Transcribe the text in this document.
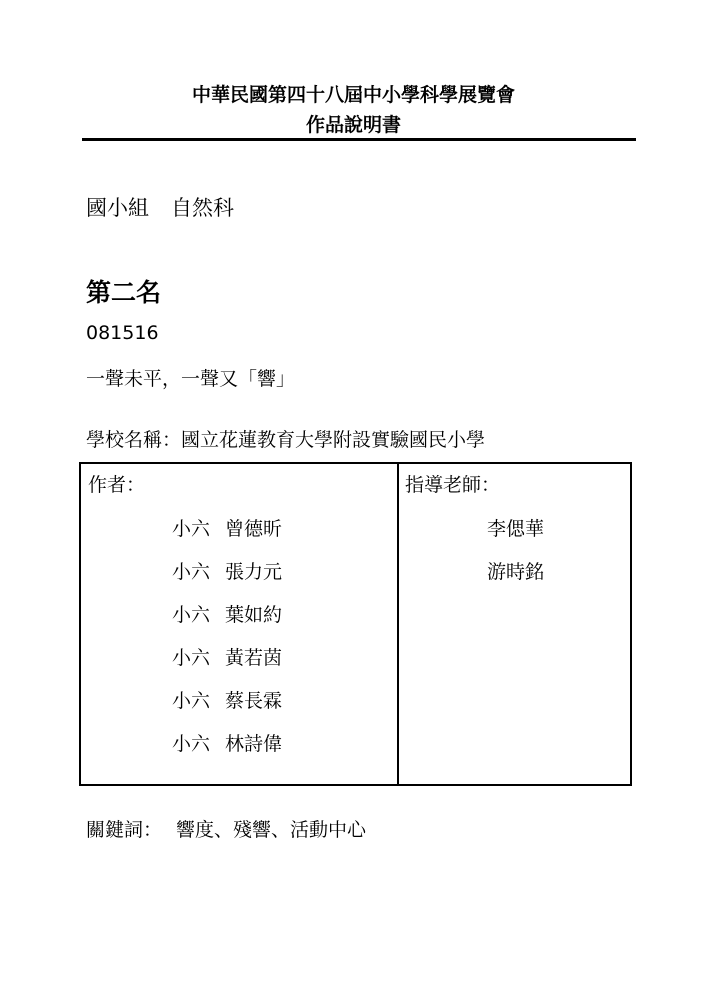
中華民國第四十八屆中小學科學展覽會
作品說明書
國小組 自然科
第二名
081516
一聲未平，一聲又「響」
學校名稱：國立花蓮教育大學附設實驗國民小學
作者：	指導老師：
小六 曾德昕
小六 張力元
小六 葉如約
小六 黃若茵
小六 蔡長霖
小六 林詩偉
李偲華
游時銘
關鍵詞： 響度、殘響、活動中心
